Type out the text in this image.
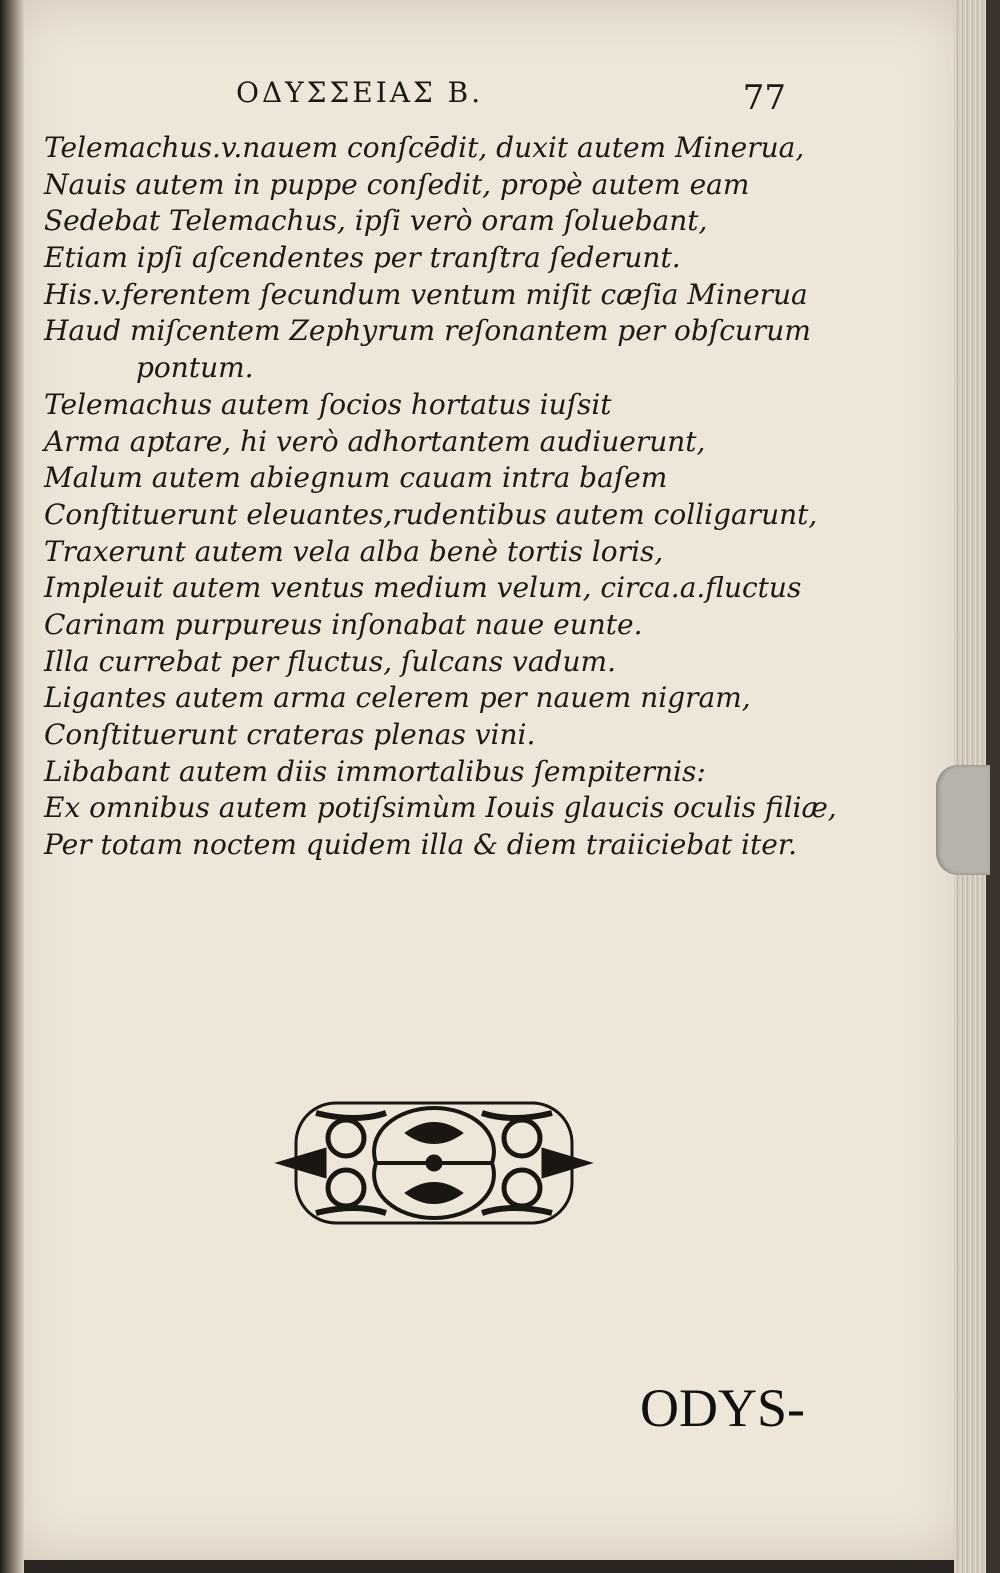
ΟΔΥΣΣΕΙΑΣ Β.	77
Telemachus.v.nauem conſcēdit, duxit autem Minerua,
Nauis autem in puppe conſedit, propè autem eam
Sedebat Telemachus, ipſi verò oram ſoluebant,
Etiam ipſi aſcendentes per tranſtra ſederunt.
His.v.ferentem ſecundum ventum miſit cæſia Minerua
Haud miſcentem Zephyrum reſonantem per obſcurum
pontum.
Telemachus autem ſocios hortatus iuſsit
Arma aptare, hi verò adhortantem audiuerunt,
Malum autem abiegnum cauam intra baſem
Conſtituerunt eleuantes,rudentibus autem colligarunt,
Traxerunt autem vela alba benè tortis loris,
Impleuit autem ventus medium velum, circa.a.fluctus
Carinam purpureus inſonabat naue eunte.
Illa currebat per fluctus, ſulcans vadum.
Ligantes autem arma celerem per nauem nigram,
Conſtituerunt crateras plenas vini.
Libabant autem diis immortalibus ſempiternis:
Ex omnibus autem potiſsimùm Iouis glaucis oculis filiæ,
Per totam noctem quidem illa & diem traiiciebat iter.
ODYS-
